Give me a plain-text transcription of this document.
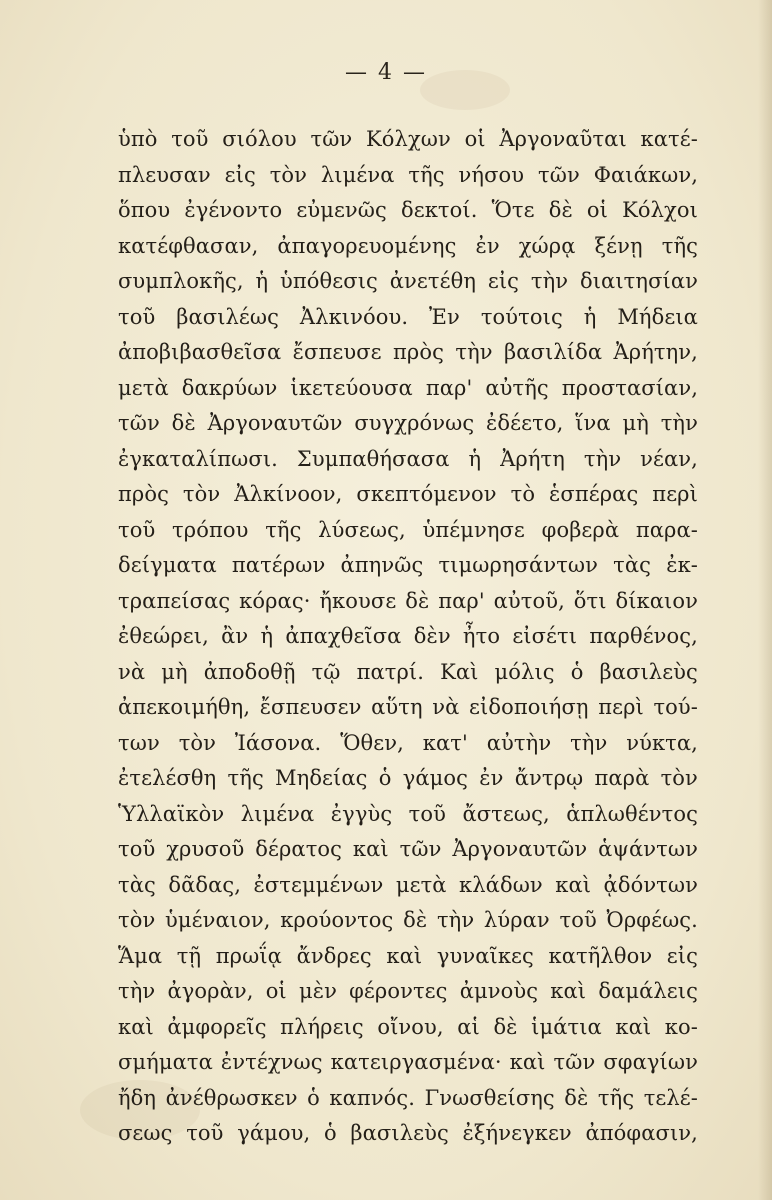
— 4 —
ὑπὸ τοῦ σιόλου τῶν Κόλχων οἱ Ἀργοναῦται κατέ-
πλευσαν εἰς τὸν λιμένα τῆς νήσου τῶν Φαιάκων,
ὅπου ἐγένοντο εὐμενῶς δεκτοί. Ὅτε δὲ οἱ Κόλχοι
κατέφθασαν, ἀπαγορευομένης ἐν χώρᾳ ξένῃ τῆς
συμπλοκῆς, ἡ ὑπόθεσις ἀνετέθη εἰς τὴν διαιτησίαν
τοῦ βασιλέως Ἀλκινόου. Ἐν τούτοις ἡ Μήδεια
ἀποβιβασθεῖσα ἔσπευσε πρὸς τὴν βασιλίδα Ἀρήτην,
μετὰ δακρύων ἱκετεύουσα παρ' αὐτῆς προστασίαν,
τῶν δὲ Ἀργοναυτῶν συγχρόνως ἐδέετο, ἵνα μὴ τὴν
ἐγκαταλίπωσι. Συμπαθήσασα ἡ Ἀρήτη τὴν νέαν,
πρὸς τὸν Ἀλκίνοον, σκεπτόμενον τὸ ἑσπέρας περὶ
τοῦ τρόπου τῆς λύσεως, ὑπέμνησε φοβερὰ παρα-
δείγματα πατέρων ἀπηνῶς τιμωρησάντων τὰς ἐκ-
τραπείσας κόρας· ἤκουσε δὲ παρ' αὐτοῦ, ὅτι δίκαιον
ἐθεώρει, ἂν ἡ ἀπαχθεῖσα δὲν ἦτο εἰσέτι παρθένος,
νὰ μὴ ἀποδοθῇ τῷ πατρί. Καὶ μόλις ὁ βασιλεὺς
ἀπεκοιμήθη, ἔσπευσεν αὕτη νὰ εἰδοποιήσῃ περὶ τού-
των τὸν Ἰάσονα. Ὅθεν, κατ' αὐτὴν τὴν νύκτα,
ἐτελέσθη τῆς Μηδείας ὁ γάμος ἐν ἄντρῳ παρὰ τὸν
Ὑλλαϊκὸν λιμένα ἐγγὺς τοῦ ἄστεως, ἁπλωθέντος
τοῦ χρυσοῦ δέρατος καὶ τῶν Ἀργοναυτῶν ἁψάντων
τὰς δᾶδας, ἐστεμμένων μετὰ κλάδων καὶ ᾀδόντων
τὸν ὑμέναιον, κρούοντος δὲ τὴν λύραν τοῦ Ὀρφέως.
Ἅμα τῇ πρωΐᾳ ἄνδρες καὶ γυναῖκες κατῆλθον εἰς
τὴν ἀγορὰν, οἱ μὲν φέροντες ἀμνοὺς καὶ δαμάλεις
καὶ ἀμφορεῖς πλήρεις οἴνου, αἱ δὲ ἱμάτια καὶ κο-
σμήματα ἐντέχνως κατειργασμένα· καὶ τῶν σφαγίων
ἤδη ἀνέθρωσκεν ὁ καπνός. Γνωσθείσης δὲ τῆς τελέ-
σεως τοῦ γάμου, ὁ βασιλεὺς ἐξήνεγκεν ἀπόφασιν,
